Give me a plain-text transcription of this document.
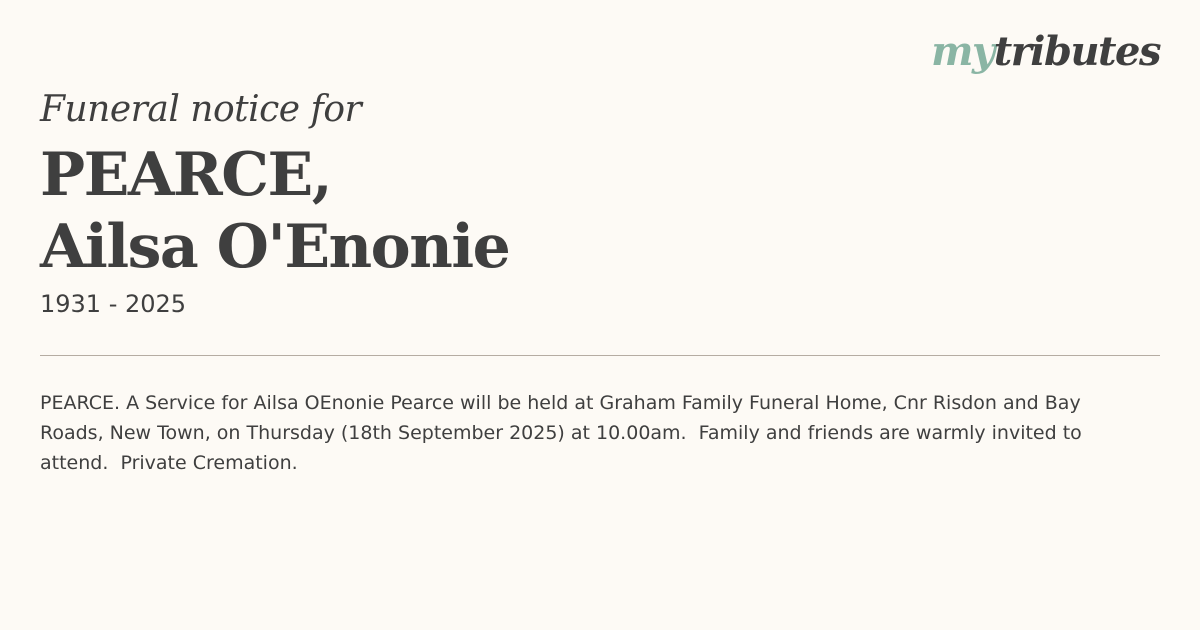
mytributes
Funeral notice for
PEARCE,
Ailsa O'Enonie
1931 - 2025
PEARCE. A Service for Ailsa OEnonie Pearce will be held at Graham Family Funeral Home, Cnr Risdon and Bay Roads, New Town, on Thursday (18th September 2025) at 10.00am.  Family and friends are warmly invited to attend.  Private Cremation.
